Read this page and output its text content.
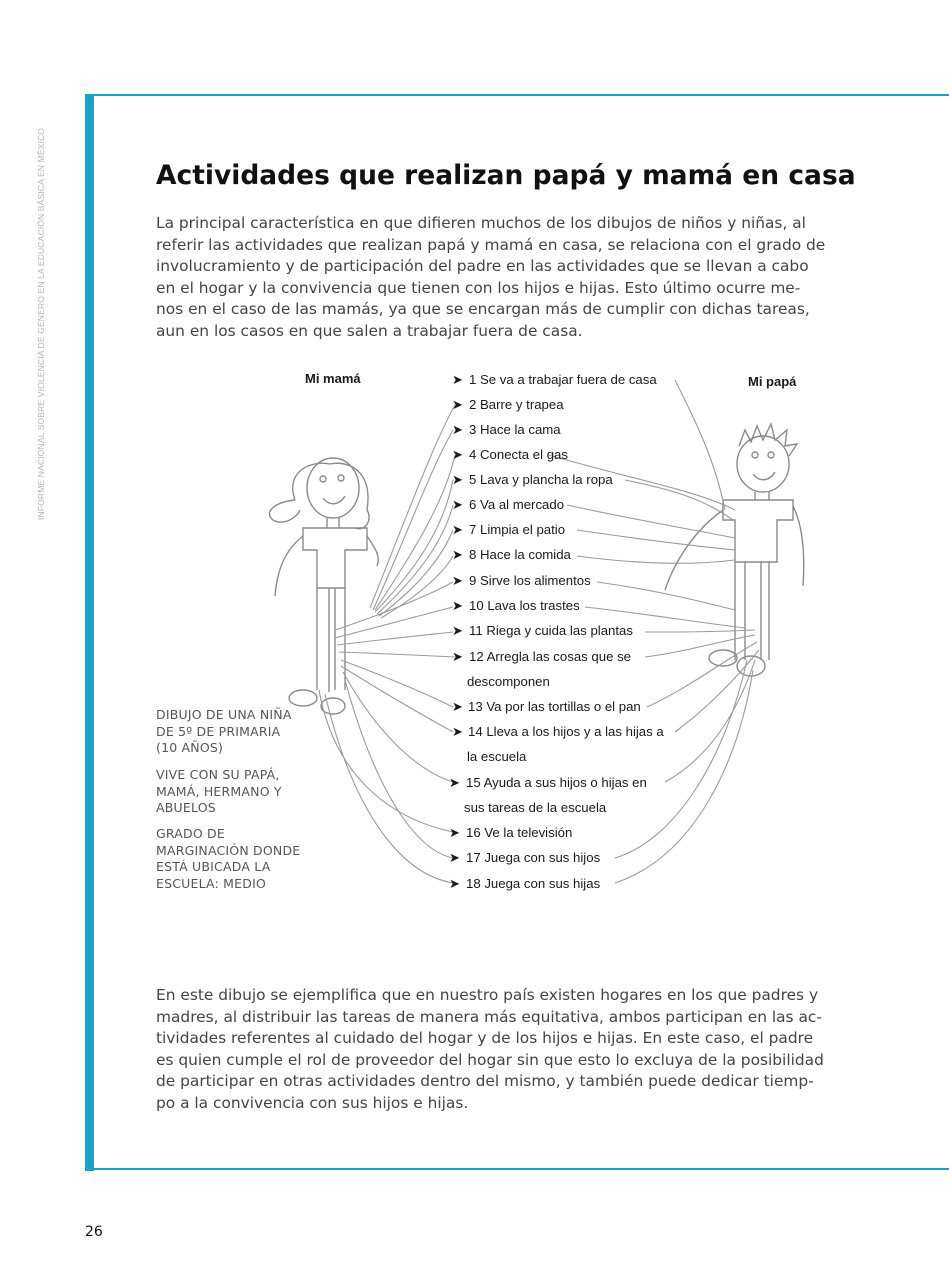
INFORME NACIONAL SOBRE VIOLENCIA DE GÉNERO EN LA EDUCACIÓN BÁSICA EN MÉXICO	Actividades que realizan papá y mamá en casa

La principal característica en que difieren muchos de los dibujos de niños y niñas, al
referir las actividades que realizan papá y mamá en casa, se relaciona con el grado de
involucramiento y de participación del padre en las actividades que se llevan a cabo
en el hogar y la convivencia que tienen con los hijos e hijas. Esto último ocurre me-
nos en el caso de las mamás, ya que se encargan más de cumplir con dichas tareas,
aun en los casos en que salen a trabajar fuera de casa.

Mi mamá	Mi papá
➤ 1 Se va a trabajar fuera de casa
➤ 2 Barre y trapea
➤ 3 Hace la cama
➤ 4 Conecta el gas
➤ 5 Lava y plancha la ropa
➤ 6 Va al mercado
➤ 7 Limpia el patio
➤ 8 Hace la comida
➤ 9 Sirve los alimentos
➤ 10 Lava los trastes
➤ 11 Riega y cuida las plantas
➤ 12 Arregla las cosas que se
descomponen
➤ 13 Va por las tortillas o el pan
➤ 14 Lleva a los hijos y a las hijas a
la escuela
➤ 15 Ayuda a sus hijos o hijas en
sus tareas de la escuela
➤ 16 Ve la televisión
➤ 17 Juega con sus hijos
➤ 18 Juega con sus hijas
DIBUJO DE UNA NIÑA
DE 5º DE PRIMARIA
(10 AÑOS)
VIVE CON SU PAPÁ,
MAMÁ, HERMANO Y
ABUELOS
GRADO DE
MARGINACIÓN DONDE
ESTÁ UBICADA LA
ESCUELA: MEDIO

En este dibujo se ejemplifica que en nuestro país existen hogares en los que padres y
madres, al distribuir las tareas de manera más equitativa, ambos participan en las ac-
tividades referentes al cuidado del hogar y de los hijos e hijas. En este caso, el padre
es quien cumple el rol de proveedor del hogar sin que esto lo excluya de la posibilidad
de participar en otras actividades dentro del mismo, y también puede dedicar tiemp-
po a la convivencia con sus hijos e hijas.

26
